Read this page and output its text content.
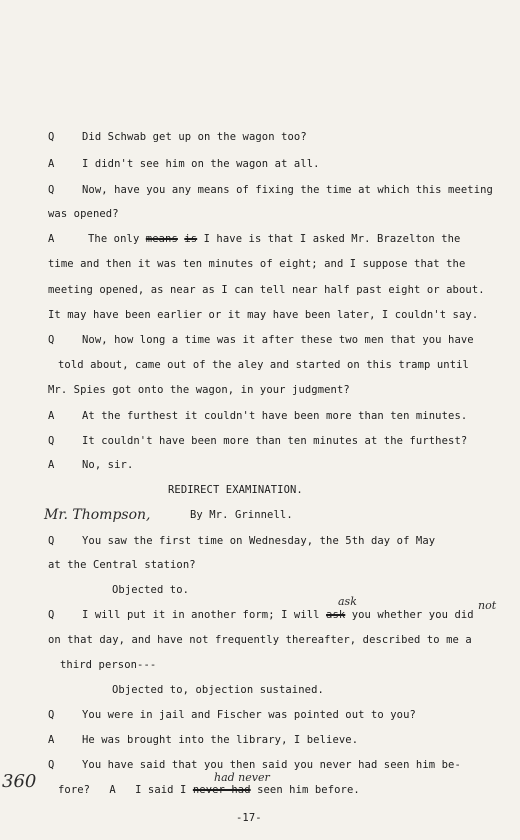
Q	Did Schwab get up on the wagon too?
A	I didn't see him on the wagon at all.
Q	Now, have you any means of fixing the time at which this meeting
was opened?
A	The only means is I have is that I asked Mr. Brazelton the
time and then it was ten minutes of eight; and I suppose that the
meeting opened, as near as I can tell near half past eight or about.
It may have been earlier or it may have been later, I couldn't say.
Q	Now, how long a time was it after these two men that you have
told about, came out of the aley and started on this tramp until
Mr. Spies got onto the wagon, in your judgment?
A	At the furthest it couldn't have been more than ten minutes.
Q	It couldn't have been more than ten minutes at the furthest?
A	No, sir.
REDIRECT EXAMINATION.
Mr. Thompson,	By Mr. Grinnell.
Q	You saw the first time on Wednesday, the 5th day of May
at the Central station?
Objected to.
ask	not
Q	I will put it in another form; I will ask you whether you did
on that day, and have not frequently thereafter, described to me a
third person---
Objected to, objection sustained.
Q	You were in jail and Fischer was pointed out to you?
A	He was brought into the library, I believe.
Q	You have said that you then said you never had seen him be-
360	had never
fore? A I said I never had seen him before.
-17-
